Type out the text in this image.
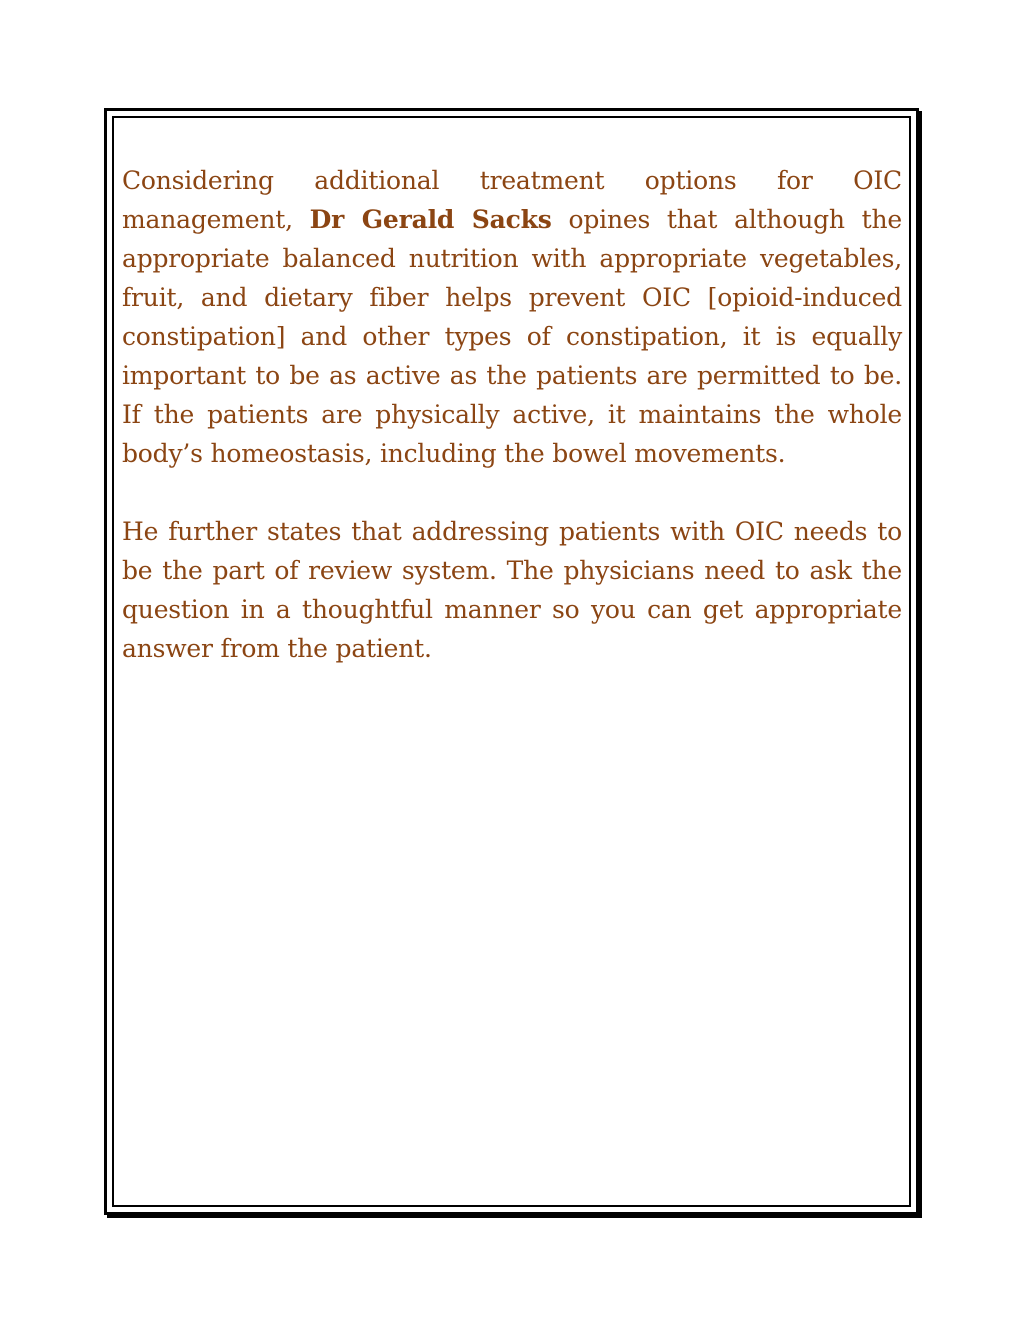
Considering additional treatment options for OIC management, Dr Gerald Sacks opines that although the appropriate balanced nutrition with appropriate vegetables, fruit, and dietary fiber helps prevent OIC [opioid-induced constipation] and other types of constipation, it is equally important to be as active as the patients are permitted to be. If the patients are physically active, it maintains the whole body’s homeostasis, including the bowel movements.

He further states that addressing patients with OIC needs to be the part of review system. The physicians need to ask the question in a thoughtful manner so you can get appropriate answer from the patient.
